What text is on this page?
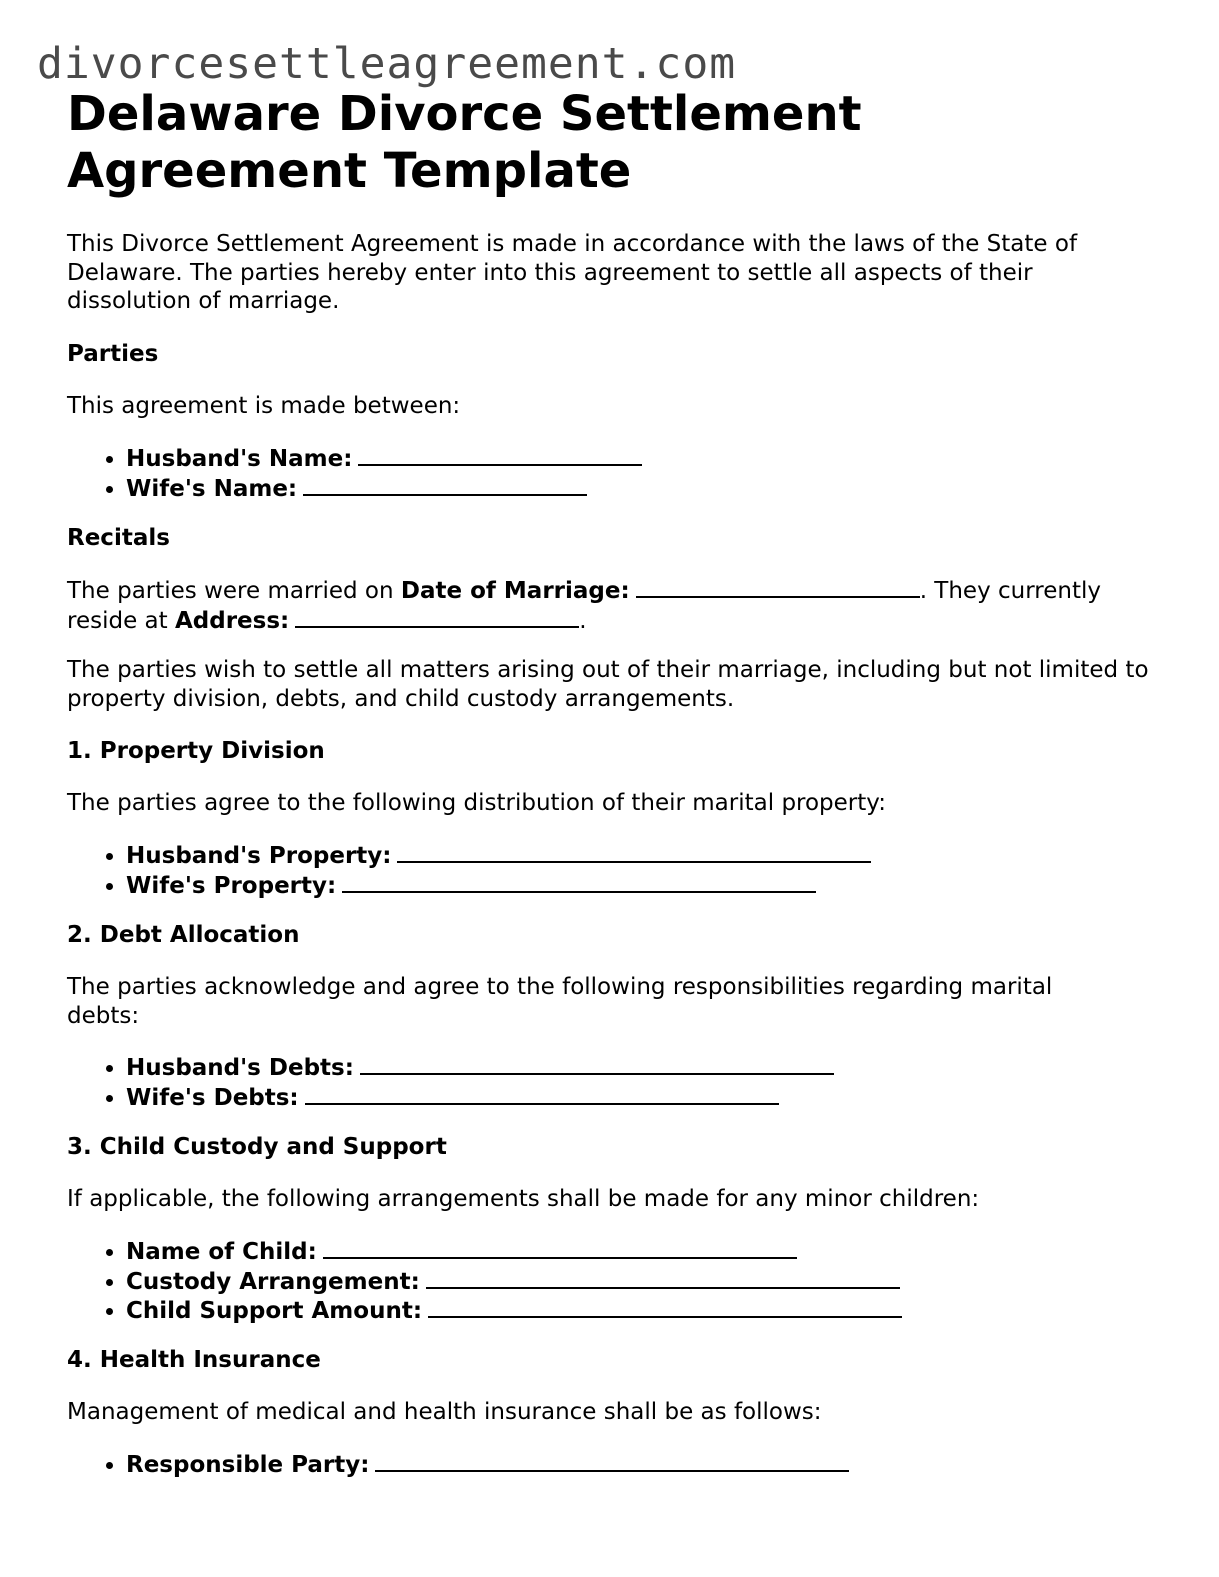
divorcesettleagreement.com
Delaware Divorce Settlement Agreement Template

This Divorce Settlement Agreement is made in accordance with the laws of the State of Delaware. The parties hereby enter into this agreement to settle all aspects of their dissolution of marriage.

Parties

This agreement is made between:

• Husband's Name:
• Wife's Name:
Recitals

The parties were married on Date of Marriage:	. They currently reside at Address:	.

The parties wish to settle all matters arising out of their marriage, including but not limited to property division, debts, and child custody arrangements.

1. Property Division

The parties agree to the following distribution of their marital property:

• Husband's Property:
• Wife's Property:
2. Debt Allocation

The parties acknowledge and agree to the following responsibilities regarding marital debts:

• Husband's Debts:
• Wife's Debts:
3. Child Custody and Support

If applicable, the following arrangements shall be made for any minor children:

• Name of Child:
• Custody Arrangement:
• Child Support Amount:
4. Health Insurance

Management of medical and health insurance shall be as follows:

• Responsible Party:
